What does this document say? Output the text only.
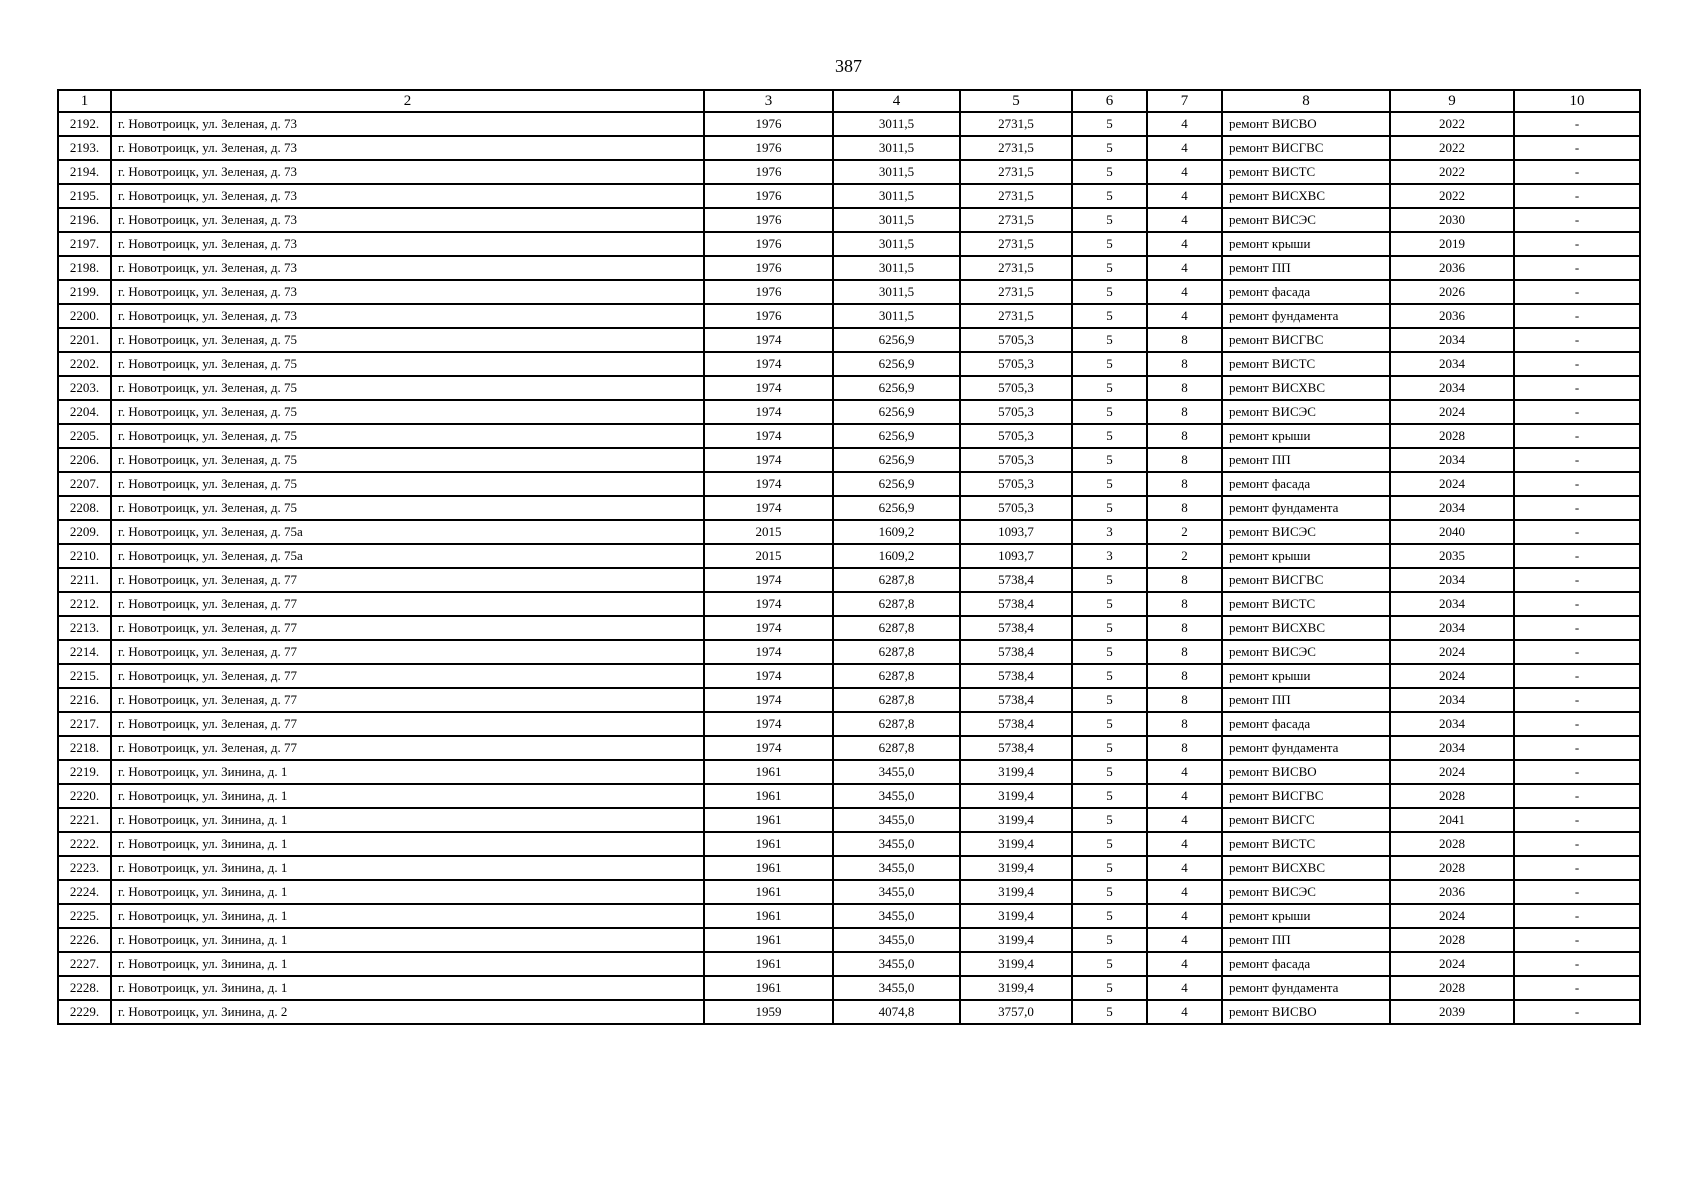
387
1	2	3	4	5	6	7	8	9	10
2192.	г. Новотроицк, ул. Зеленая, д. 73	1976	3011,5	2731,5	5	4	ремонт ВИСВО	2022	-
2193.	г. Новотроицк, ул. Зеленая, д. 73	1976	3011,5	2731,5	5	4	ремонт ВИСГВС	2022	-
2194.	г. Новотроицк, ул. Зеленая, д. 73	1976	3011,5	2731,5	5	4	ремонт ВИСТС	2022	-
2195.	г. Новотроицк, ул. Зеленая, д. 73	1976	3011,5	2731,5	5	4	ремонт ВИСХВС	2022	-
2196.	г. Новотроицк, ул. Зеленая, д. 73	1976	3011,5	2731,5	5	4	ремонт ВИСЭС	2030	-
2197.	г. Новотроицк, ул. Зеленая, д. 73	1976	3011,5	2731,5	5	4	ремонт крыши	2019	-
2198.	г. Новотроицк, ул. Зеленая, д. 73	1976	3011,5	2731,5	5	4	ремонт ПП	2036	-
2199.	г. Новотроицк, ул. Зеленая, д. 73	1976	3011,5	2731,5	5	4	ремонт фасада	2026	-
2200.	г. Новотроицк, ул. Зеленая, д. 73	1976	3011,5	2731,5	5	4	ремонт фундамента	2036	-
2201.	г. Новотроицк, ул. Зеленая, д. 75	1974	6256,9	5705,3	5	8	ремонт ВИСГВС	2034	-
2202.	г. Новотроицк, ул. Зеленая, д. 75	1974	6256,9	5705,3	5	8	ремонт ВИСТС	2034	-
2203.	г. Новотроицк, ул. Зеленая, д. 75	1974	6256,9	5705,3	5	8	ремонт ВИСХВС	2034	-
2204.	г. Новотроицк, ул. Зеленая, д. 75	1974	6256,9	5705,3	5	8	ремонт ВИСЭС	2024	-
2205.	г. Новотроицк, ул. Зеленая, д. 75	1974	6256,9	5705,3	5	8	ремонт крыши	2028	-
2206.	г. Новотроицк, ул. Зеленая, д. 75	1974	6256,9	5705,3	5	8	ремонт ПП	2034	-
2207.	г. Новотроицк, ул. Зеленая, д. 75	1974	6256,9	5705,3	5	8	ремонт фасада	2024	-
2208.	г. Новотроицк, ул. Зеленая, д. 75	1974	6256,9	5705,3	5	8	ремонт фундамента	2034	-
2209.	г. Новотроицк, ул. Зеленая, д. 75а	2015	1609,2	1093,7	3	2	ремонт ВИСЭС	2040	-
2210.	г. Новотроицк, ул. Зеленая, д. 75а	2015	1609,2	1093,7	3	2	ремонт крыши	2035	-
2211.	г. Новотроицк, ул. Зеленая, д. 77	1974	6287,8	5738,4	5	8	ремонт ВИСГВС	2034	-
2212.	г. Новотроицк, ул. Зеленая, д. 77	1974	6287,8	5738,4	5	8	ремонт ВИСТС	2034	-
2213.	г. Новотроицк, ул. Зеленая, д. 77	1974	6287,8	5738,4	5	8	ремонт ВИСХВС	2034	-
2214.	г. Новотроицк, ул. Зеленая, д. 77	1974	6287,8	5738,4	5	8	ремонт ВИСЭС	2024	-
2215.	г. Новотроицк, ул. Зеленая, д. 77	1974	6287,8	5738,4	5	8	ремонт крыши	2024	-
2216.	г. Новотроицк, ул. Зеленая, д. 77	1974	6287,8	5738,4	5	8	ремонт ПП	2034	-
2217.	г. Новотроицк, ул. Зеленая, д. 77	1974	6287,8	5738,4	5	8	ремонт фасада	2034	-
2218.	г. Новотроицк, ул. Зеленая, д. 77	1974	6287,8	5738,4	5	8	ремонт фундамента	2034	-
2219.	г. Новотроицк, ул. Зинина, д. 1	1961	3455,0	3199,4	5	4	ремонт ВИСВО	2024	-
2220.	г. Новотроицк, ул. Зинина, д. 1	1961	3455,0	3199,4	5	4	ремонт ВИСГВС	2028	-
2221.	г. Новотроицк, ул. Зинина, д. 1	1961	3455,0	3199,4	5	4	ремонт ВИСГС	2041	-
2222.	г. Новотроицк, ул. Зинина, д. 1	1961	3455,0	3199,4	5	4	ремонт ВИСТС	2028	-
2223.	г. Новотроицк, ул. Зинина, д. 1	1961	3455,0	3199,4	5	4	ремонт ВИСХВС	2028	-
2224.	г. Новотроицк, ул. Зинина, д. 1	1961	3455,0	3199,4	5	4	ремонт ВИСЭС	2036	-
2225.	г. Новотроицк, ул. Зинина, д. 1	1961	3455,0	3199,4	5	4	ремонт крыши	2024	-
2226.	г. Новотроицк, ул. Зинина, д. 1	1961	3455,0	3199,4	5	4	ремонт ПП	2028	-
2227.	г. Новотроицк, ул. Зинина, д. 1	1961	3455,0	3199,4	5	4	ремонт фасада	2024	-
2228.	г. Новотроицк, ул. Зинина, д. 1	1961	3455,0	3199,4	5	4	ремонт фундамента	2028	-
2229.	г. Новотроицк, ул. Зинина, д. 2	1959	4074,8	3757,0	5	4	ремонт ВИСВО	2039	-
